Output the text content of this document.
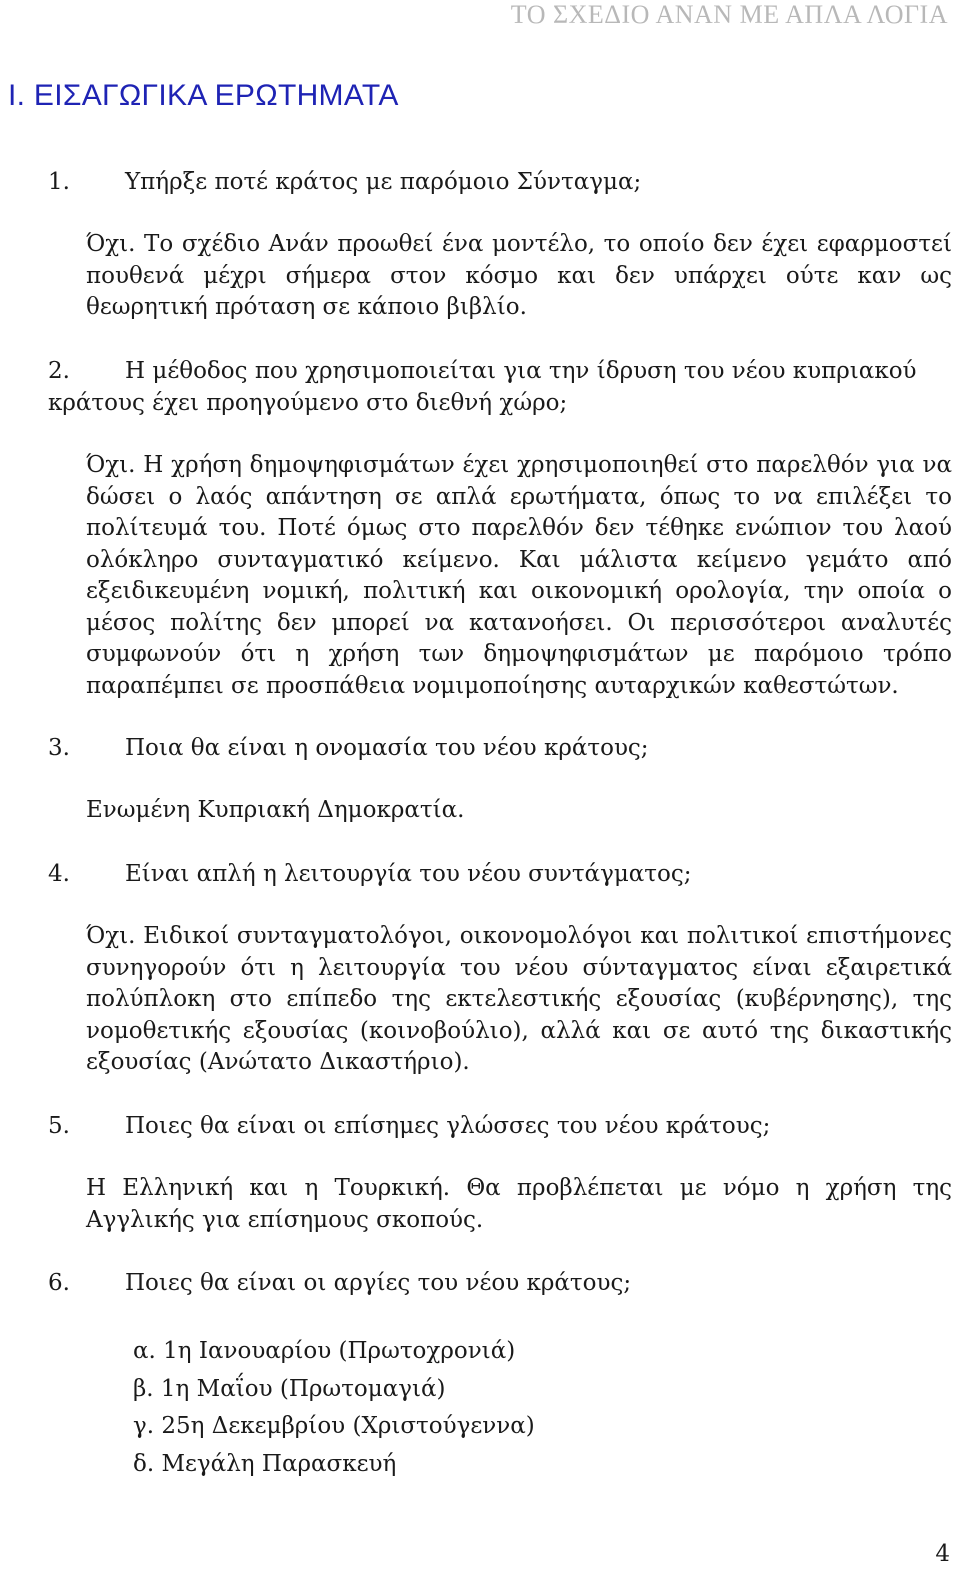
ΤΟ ΣΧΕΔΙΟ ΑΝΑΝ ΜΕ ΑΠΛΑ ΛΟΓΙΑ
Ι. ΕΙΣΑΓΩΓΙΚΑ ΕΡΩΤΗΜΑΤΑ
1.	Υπήρξε ποτέ κράτος με παρόμοιο Σύνταγμα;
Όχι. Το σχέδιο Ανάν προωθεί ένα μοντέλο, το οποίο δεν έχει εφαρμοστεί πουθενά μέχρι σήμερα στον κόσμο και δεν υπάρχει ούτε καν ως θεωρητική πρόταση σε κάποιο βιβλίο.
2.	Η μέθοδος που χρησιμοποιείται για την ίδρυση του νέου κυπριακού κράτους έχει προηγούμενο στο διεθνή χώρο;
Όχι. Η χρήση δημοψηφισμάτων έχει χρησιμοποιηθεί στο παρελθόν για να δώσει ο λαός απάντηση σε απλά ερωτήματα, όπως το να επιλέξει το πολίτευμά του. Ποτέ όμως στο παρελθόν δεν τέθηκε ενώπιον του λαού ολόκληρο συνταγματικό κείμενο. Και μάλιστα κείμενο γεμάτο από εξειδικευμένη νομική, πολιτική και οικονομική ορολογία, την οποία ο μέσος πολίτης δεν μπορεί να κατανοήσει. Οι περισσότεροι αναλυτές συμφωνούν ότι η χρήση των δημοψηφισμάτων με παρόμοιο τρόπο παραπέμπει σε προσπάθεια νομιμοποίησης αυταρχικών καθεστώτων.
3.	Ποια θα είναι η ονομασία του νέου κράτους;
Ενωμένη Κυπριακή Δημοκρατία.
4.	Είναι απλή η λειτουργία του νέου συντάγματος;
Όχι. Ειδικοί συνταγματολόγοι, οικονομολόγοι και πολιτικοί επιστήμονες συνηγορούν ότι η λειτουργία του νέου σύνταγματος είναι εξαιρετικά πολύπλοκη στο επίπεδο της εκτελεστικής εξουσίας (κυβέρνησης), της νομοθετικής εξουσίας (κοινοβούλιο), αλλά και σε αυτό της δικαστικής εξουσίας (Ανώτατο Δικαστήριο).
5.	Ποιες θα είναι οι επίσημες γλώσσες του νέου κράτους;
Η Ελληνική και η Τουρκική. Θα προβλέπεται με νόμο η χρήση της Αγγλικής για επίσημους σκοπούς.
6.	Ποιες θα είναι οι αργίες του νέου κράτους;
α. 1η Ιανουαρίου (Πρωτοχρονιά)
β. 1η Μαΐου (Πρωτομαγιά)
γ. 25η Δεκεμβρίου (Χριστούγεννα)
δ. Μεγάλη Παρασκευή
4
